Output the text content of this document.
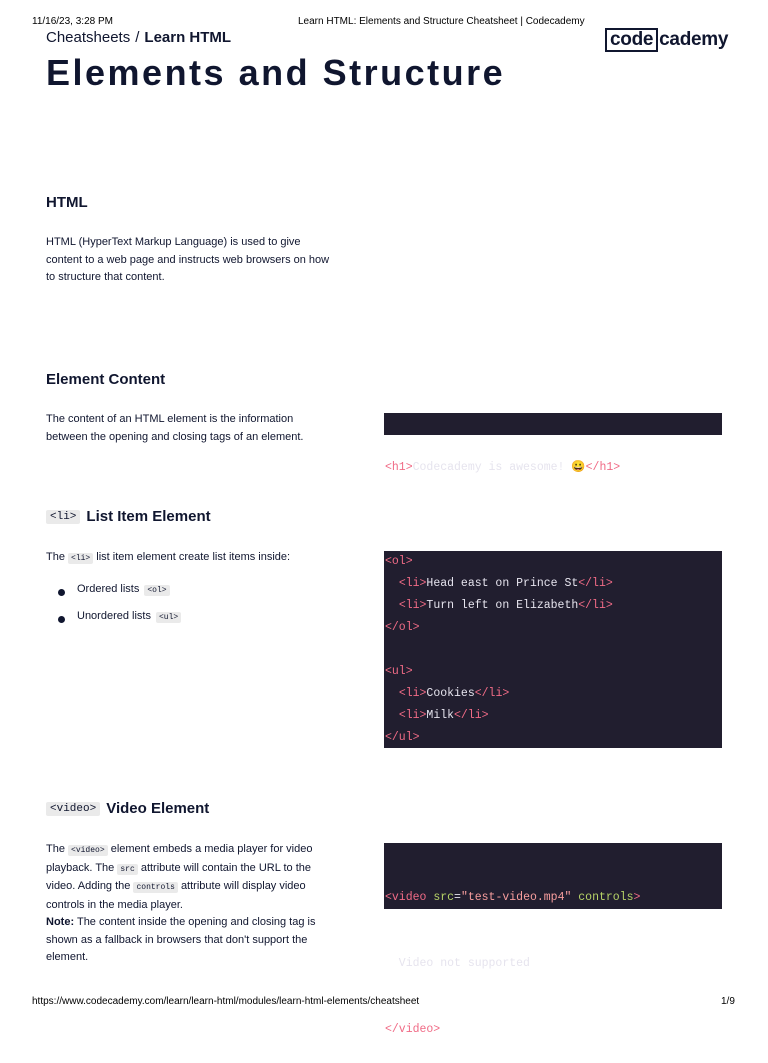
11/16/23, 3:28 PM	Learn HTML: Elements and Structure Cheatsheet | Codecademy
Cheatsheets / Learn HTML	code cademy
Elements and Structure
HTML

HTML (HyperText Markup Language) is used to give content to a web page and instructs web browsers on how to structure that content.

Element Content

The content of an HTML element is the information between the opening and closing tags of an element.

<h1>Codecademy is awesome! 😀</h1>

<li> List Item Element

The <li> list item element create list items inside:

Ordered lists <ol>
Unordered lists <ul>
<ol>
<li>Head east on Prince St</li>
<li>Turn left on Elizabeth</li>
</ol>
<ul>
<li>Cookies</li>
<li>Milk</li>
</ul>
<video> Video Element

The <video> element embeds a media player for video playback. The src attribute will contain the URL to the video. Adding the controls attribute will display video controls in the media player.
Note: The content inside the opening and closing tag is shown as a fallback in browsers that don't support the element.

<video src="test-video.mp4" controls>

Video not supported

</video>

https://www.codecademy.com/learn/learn-html/modules/learn-html-elements/cheatsheet	1/9
